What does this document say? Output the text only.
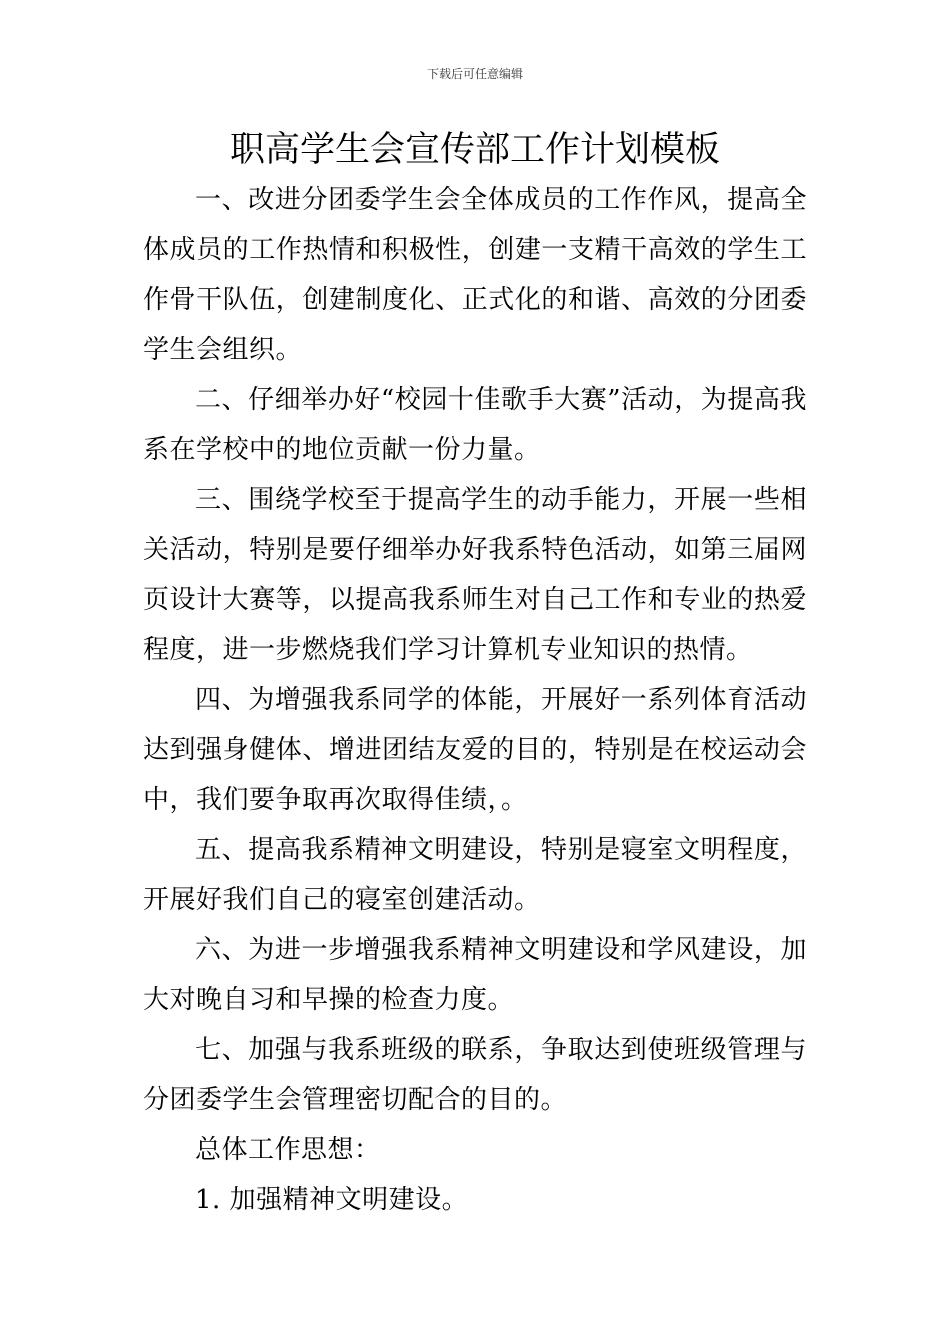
下载后可任意编辑
职高学生会宣传部工作计划模板

一、改进分团委学生会全体成员的工作作风，提高全体成员的工作热情和积极性，创建一支精干高效的学生工作骨干队伍，创建制度化、正式化的和谐、高效的分团委学生会组织。

二、仔细举办好“校园十佳歌手大赛”活动，为提高我系在学校中的地位贡献一份力量。

三、围绕学校至于提高学生的动手能力，开展一些相关活动，特别是要仔细举办好我系特色活动，如第三届网页设计大赛等，以提高我系师生对自己工作和专业的热爱程度，进一步燃烧我们学习计算机专业知识的热情。

四、为增强我系同学的体能，开展好一系列体育活动达到强身健体、增进团结友爱的目的，特别是在校运动会中，我们要争取再次取得佳绩，。

五、提高我系精神文明建设，特别是寝室文明程度，开展好我们自己的寝室创建活动。

六、为进一步增强我系精神文明建设和学风建设，加大对晚自习和早操的检查力度。

七、加强与我系班级的联系，争取达到使班级管理与分团委学生会管理密切配合的目的。

总体工作思想：

1. 加强精神文明建设。
